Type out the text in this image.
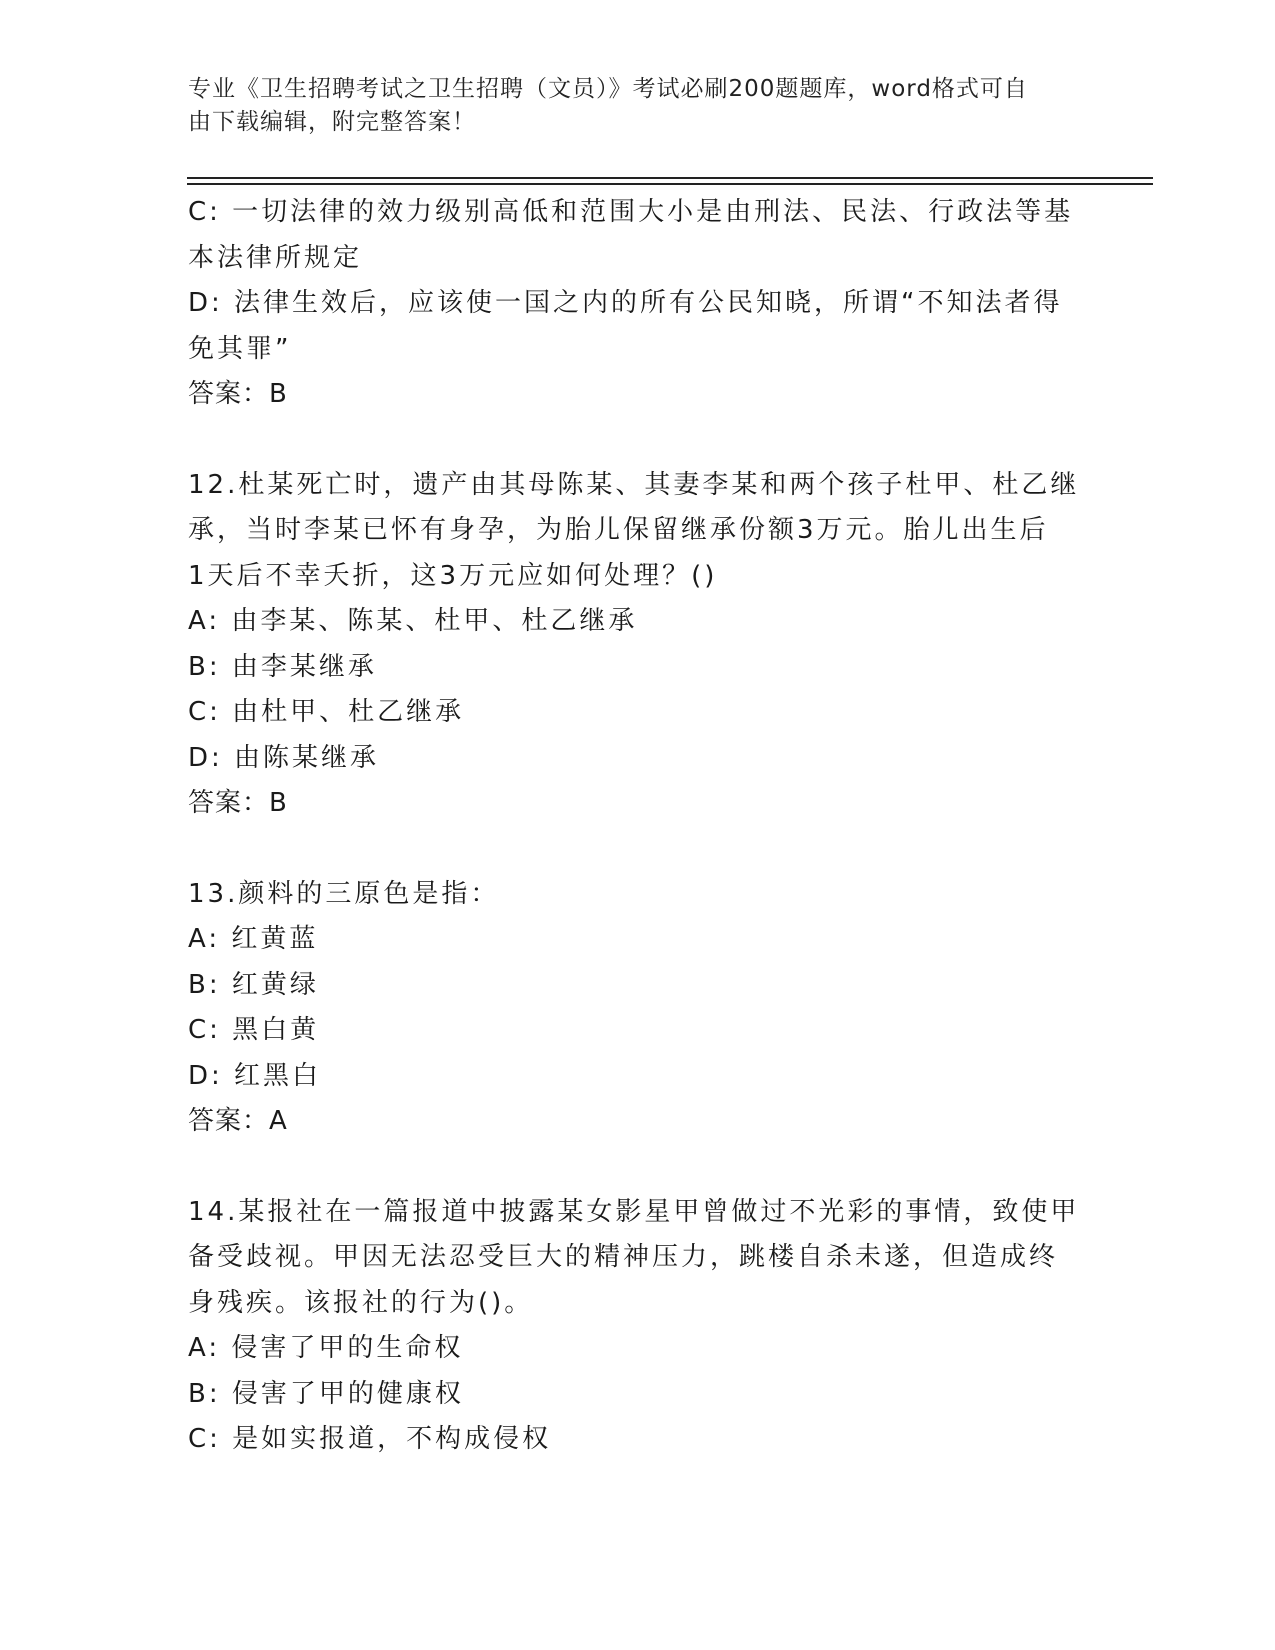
专业《卫生招聘考试之卫生招聘（文员）》考试必刷200题题库，word格式可自
由下载编辑，附完整答案！
C: 一切法律的效力级别高低和范围大小是由刑法、民法、行政法等基
本法律所规定
D: 法律生效后，应该使一国之内的所有公民知晓，所谓“不知法者得
免其罪”
答案：B
12.杜某死亡时，遗产由其母陈某、其妻李某和两个孩子杜甲、杜乙继
承，当时李某已怀有身孕，为胎儿保留继承份额3万元。胎儿出生后
1天后不幸夭折，这3万元应如何处理？()
A: 由李某、陈某、杜甲、杜乙继承
B: 由李某继承
C: 由杜甲、杜乙继承
D: 由陈某继承
答案：B
13.颜料的三原色是指：
A: 红黄蓝
B: 红黄绿
C: 黑白黄
D: 红黑白
答案：A
14.某报社在一篇报道中披露某女影星甲曾做过不光彩的事情，致使甲
备受歧视。甲因无法忍受巨大的精神压力，跳楼自杀未遂，但造成终
身残疾。该报社的行为()。
A: 侵害了甲的生命权
B: 侵害了甲的健康权
C: 是如实报道，不构成侵权
